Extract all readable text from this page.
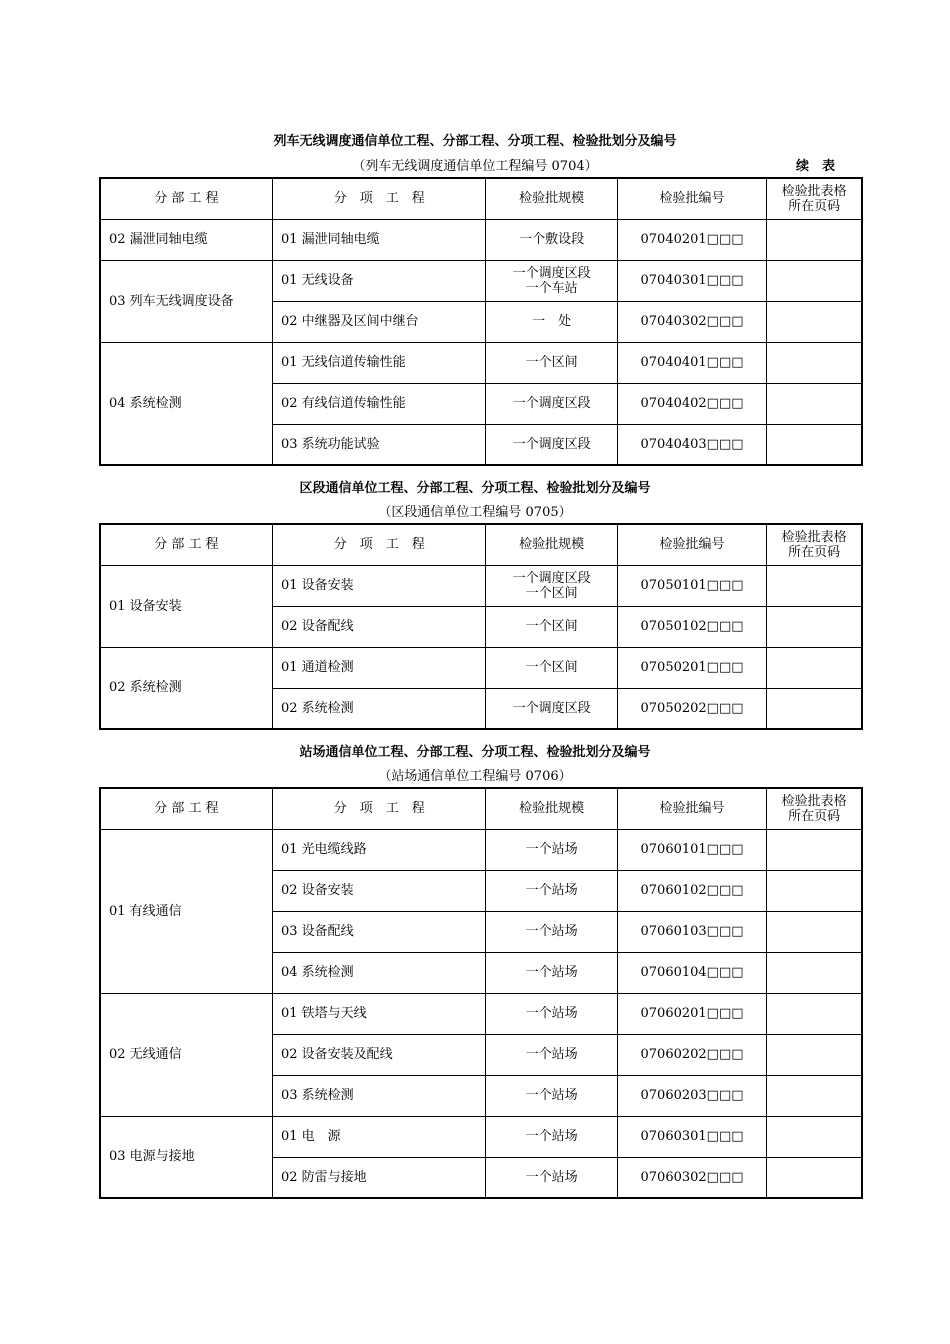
列车无线调度通信单位工程、分部工程、分项工程、检验批划分及编号
（列车无线调度通信单位工程编号 0704）	续　表
分 部 工 程	分　项　工　程	检验批规模	检验批编号	检验批表格
所在页码
02 漏泄同轴电缆	01 漏泄同轴电缆	一个敷设段	07040201□□□	
03 列车无线调度设备	01 无线设备	一个调度区段
一个车站	07040301□□□	
	02 中继器及区间中继台	一　处	07040302□□□	
04 系统检测	01 无线信道传输性能	一个区间	07040401□□□	
	02 有线信道传输性能	一个调度区段	07040402□□□	
	03 系统功能试验	一个调度区段	07040403□□□	
区段通信单位工程、分部工程、分项工程、检验批划分及编号
（区段通信单位工程编号 0705）
分 部 工 程	分　项　工　程	检验批规模	检验批编号	检验批表格
所在页码
01 设备安装	01 设备安装	一个调度区段
一个区间	07050101□□□	
	02 设备配线	一个区间	07050102□□□	
02 系统检测	01 通道检测	一个区间	07050201□□□	
	02 系统检测	一个调度区段	07050202□□□	
站场通信单位工程、分部工程、分项工程、检验批划分及编号
（站场通信单位工程编号 0706）
分 部 工 程	分　项　工　程	检验批规模	检验批编号	检验批表格
所在页码
01 有线通信	01 光电缆线路	一个站场	07060101□□□	
	02 设备安装	一个站场	07060102□□□	
	03 设备配线	一个站场	07060103□□□	
	04 系统检测	一个站场	07060104□□□	
02 无线通信	01 铁塔与天线	一个站场	07060201□□□	
	02 设备安装及配线	一个站场	07060202□□□	
	03 系统检测	一个站场	07060203□□□	
03 电源与接地	01 电　源	一个站场	07060301□□□	
	02 防雷与接地	一个站场	07060302□□□	
